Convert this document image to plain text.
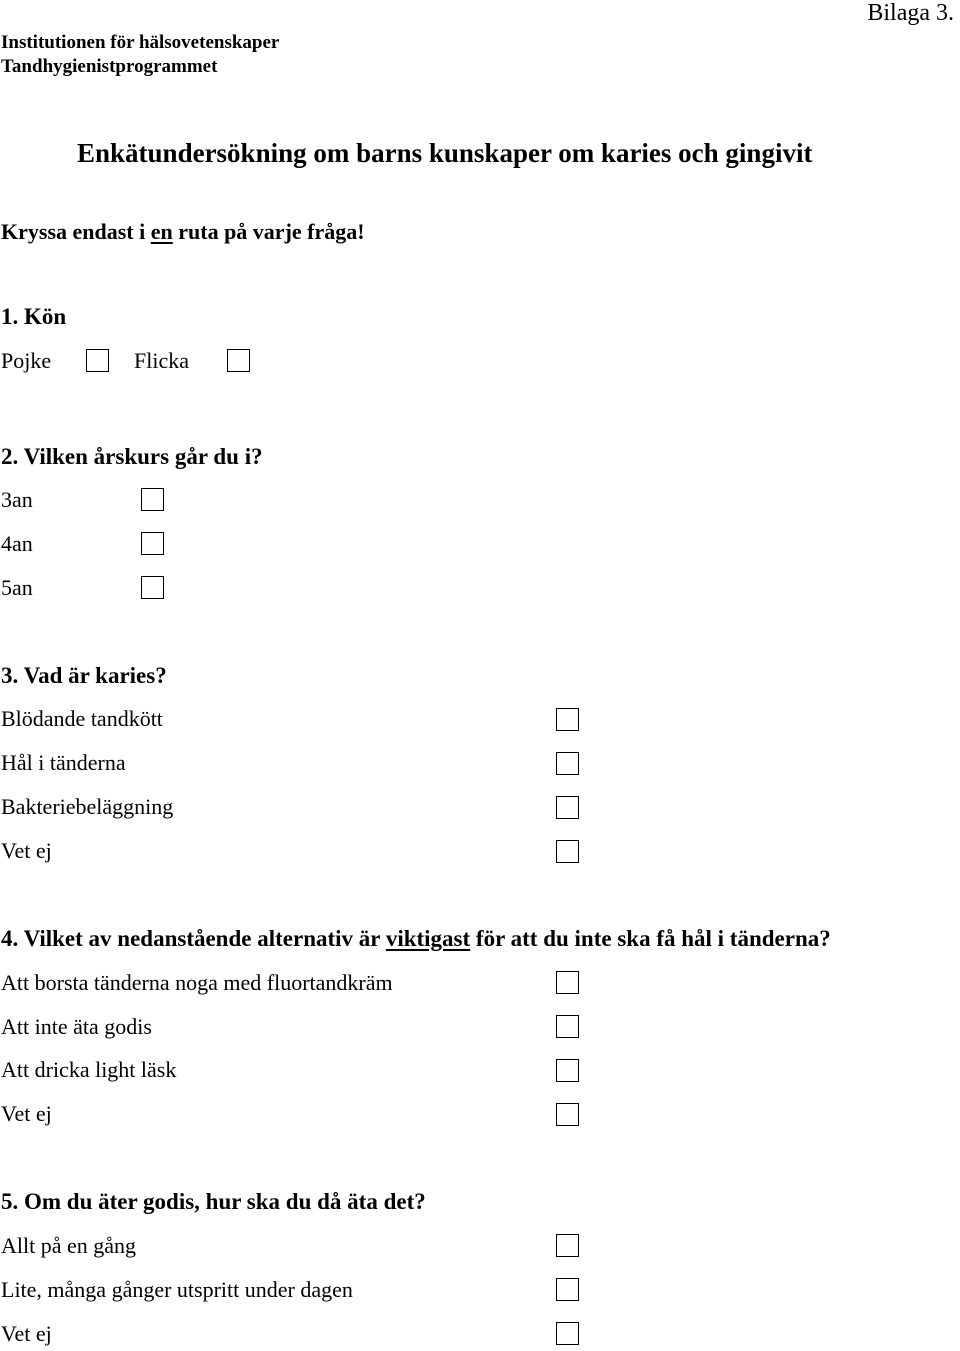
Institutionen för hälsovetenskaper
Tandhygienistprogrammet
Bilaga 3.
Enkätundersökning om barns kunskaper om karies och gingivit
Kryssa endast i en ruta på varje fråga!
1. Kön
Pojke	Flicka
2. Vilken årskurs går du i?
3an
4an
5an
3. Vad är karies?
Blödande tandkött
Hål i tänderna
Bakteriebeläggning
Vet ej
4. Vilket av nedanstående alternativ är viktigast för att du inte ska få hål i tänderna?
Att borsta tänderna noga med fluortandkräm
Att inte äta godis
Att dricka light läsk
Vet ej
5. Om du äter godis, hur ska du då äta det?
Allt på en gång
Lite, många gånger utspritt under dagen
Vet ej
